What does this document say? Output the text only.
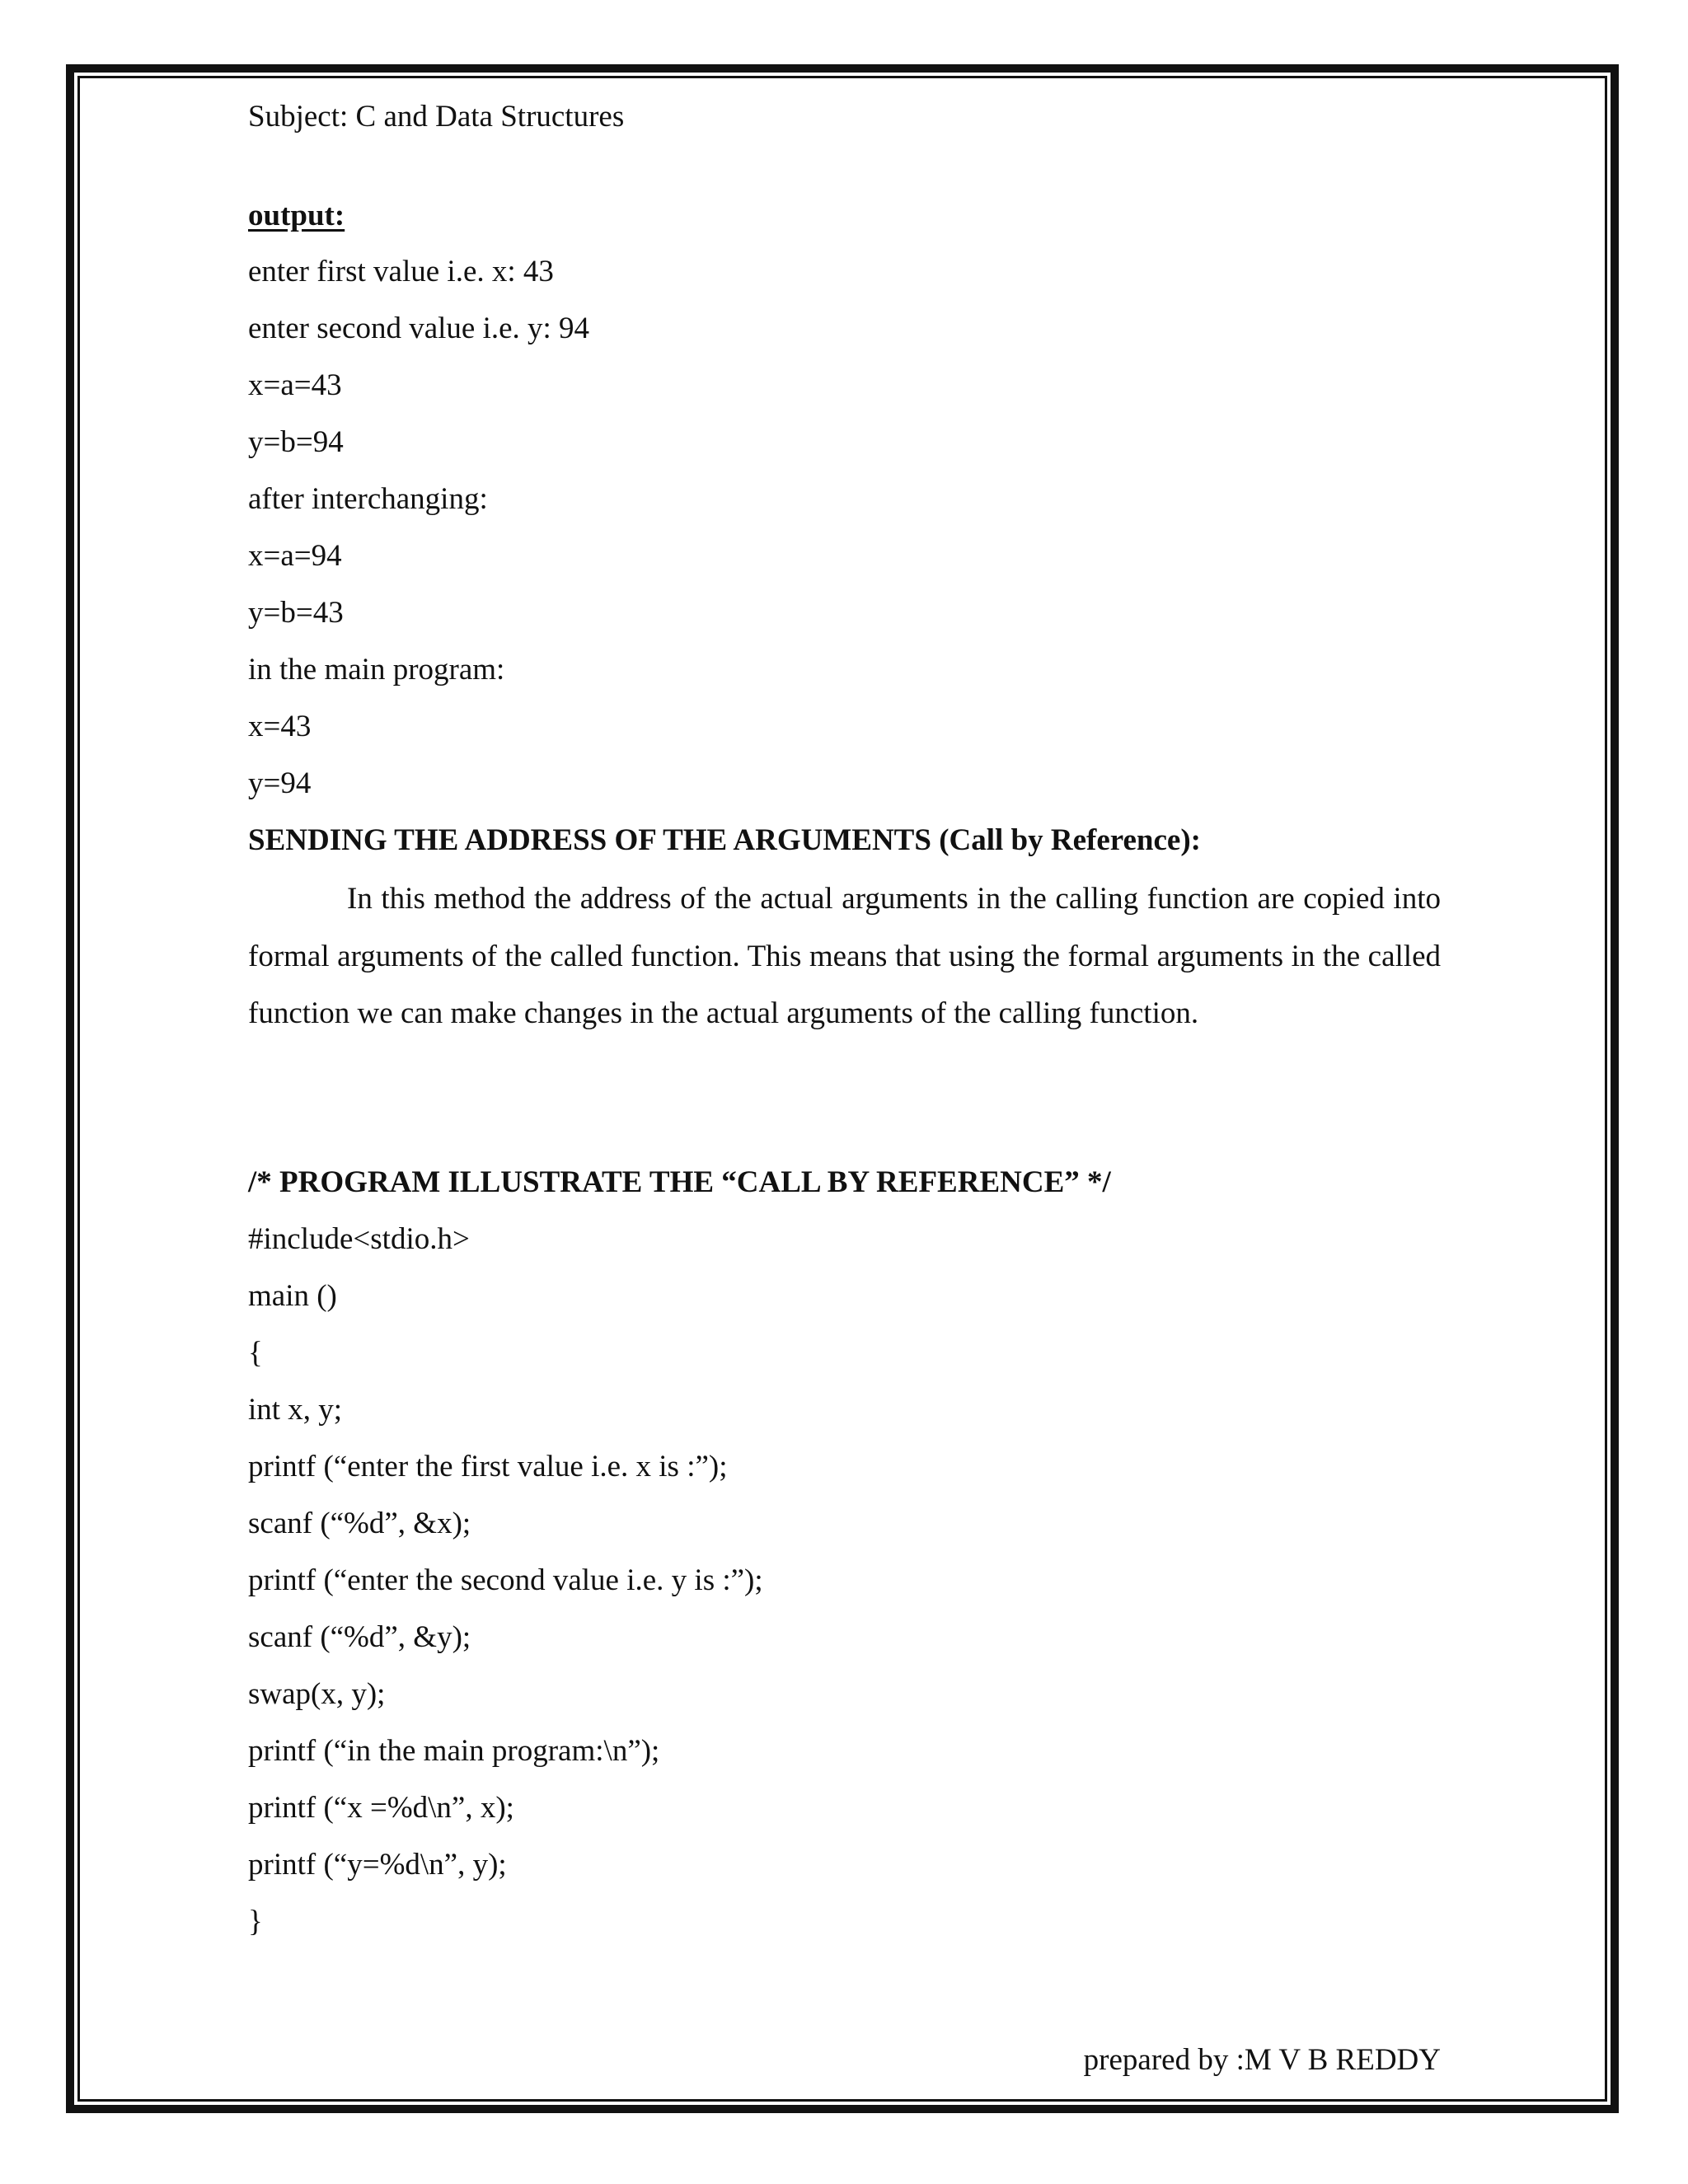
Subject: C and Data Structures
output:
enter first value i.e. x: 43
enter second value i.e. y: 94
x=a=43
y=b=94
after interchanging:
x=a=94
y=b=43
in the main program:
x=43
y=94
SENDING THE ADDRESS OF THE ARGUMENTS (Call by Reference):

In this method the address of the actual arguments in the calling function are copied into formal arguments of the called function. This means that using the formal arguments in the called function we can make changes in the actual arguments of the calling function.

/* PROGRAM ILLUSTRATE THE “CALL BY REFERENCE” */
#include<stdio.h>
main ()
{
int x, y;
printf (“enter the first value i.e. x is :”);
scanf (“%d”, &x);
printf (“enter the second value i.e. y is :”);
scanf (“%d”, &y);
swap(x, y);
printf (“in the main program:\n”);
printf (“x =%d\n”, x);
printf (“y=%d\n”, y);
}
prepared by :M V B REDDY
